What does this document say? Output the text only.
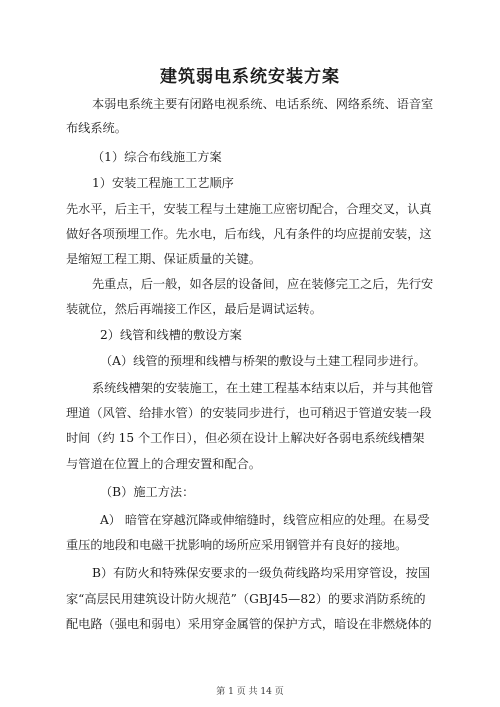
建筑弱电系统安装方案
本弱电系统主要有闭路电视系统、电话系统、网络系统、语音室
布线系统。
（1）综合布线施工方案
1）安装工程施工工艺顺序
先水平，后主干，安装工程与土建施工应密切配合，合理交叉，认真
做好各项预埋工作。先水电，后布线，凡有条件的均应提前安装，这
是缩短工程工期、保证质量的关键。
先重点，后一般，如各层的设备间，应在装修完工之后，先行安
装就位，然后再端接工作区，最后是调试运转。
2）线管和线槽的敷设方案
（A）线管的预埋和线槽与桥架的敷设与土建工程同步进行。
系统线槽架的安装施工，在土建工程基本结束以后，并与其他管
理道（风管、给排水管）的安装同步进行，也可稍迟于管道安装一段
时间（约 15 个工作日），但必须在设计上解决好各弱电系统线槽架
与管道在位置上的合理安置和配合。
（B）施工方法：
A） 暗管在穿越沉降或伸缩缝时，线管应相应的处理。在易受
重压的地段和电磁干扰影响的场所应采用钢管并有良好的接地。
B）有防火和特殊保安要求的一级负荷线路均采用穿管设，按国
家“高层民用建筑设计防火规范”（GBJ45—82）的要求消防系统的
配电路（强电和弱电）采用穿金属管的保护方式，暗设在非燃烧体的
第 1 页 共 14 页
